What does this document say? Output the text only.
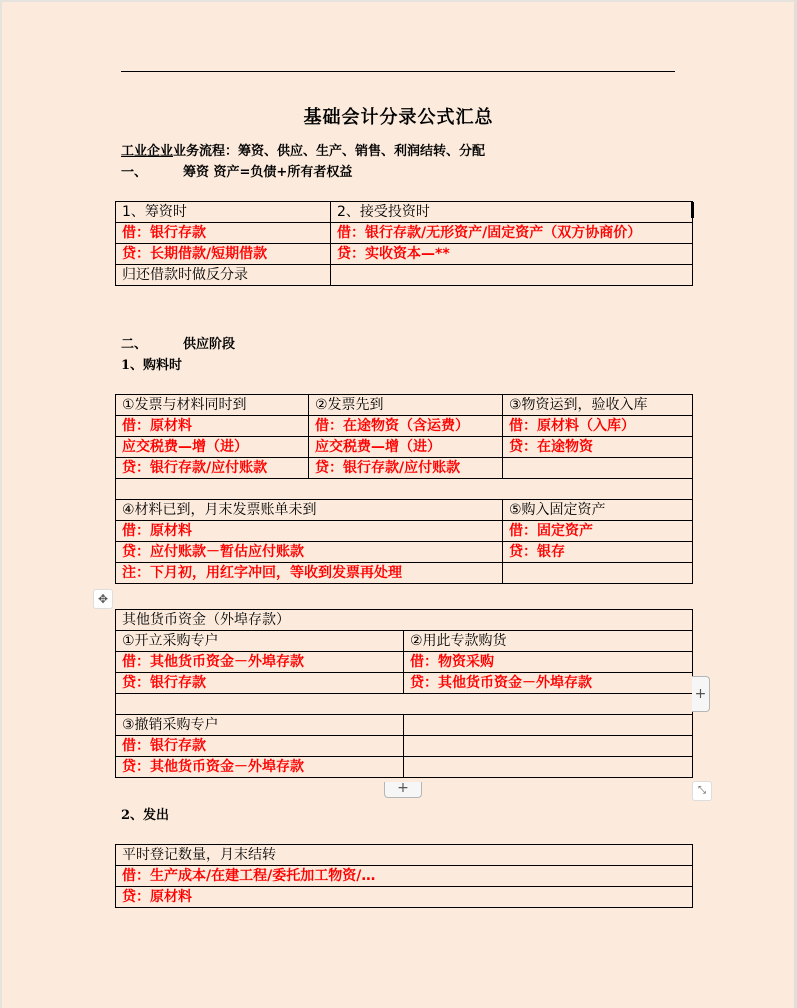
基础会计分录公式汇总
工业企业业务流程：筹资、供应、生产、销售、利润结转、分配
一、	筹资 资产=负债+所有者权益
1、筹资时	2、接受投资时
借：银行存款	借：银行存款/无形资产/固定资产（双方协商价）
贷：长期借款/短期借款	贷：实收资本—**
归还借款时做反分录	
二、	供应阶段
1、购料时
①发票与材料同时到	②发票先到	③物资运到，验收入库
借：原材料	借：在途物资（含运费）	借：原材料（入库）
应交税费—增（进）	应交税费—增（进）	贷：在途物资
贷：银行存款/应付账款	贷：银行存款/应付账款	

④材料已到，月末发票账单未到		⑤购入固定资产
借：原材料		借：固定资产
贷：应付账款－暂估应付账款		贷：银存
注：下月初，用红字冲回，等收到发票再处理		
✥
其他货币资金（外埠存款）	
①开立采购专户	②用此专款购货
借：其他货币资金－外埠存款	借：物资采购
贷：银行存款	贷：其他货币资金－外埠存款

③撤销采购专户	
借：银行存款	
贷：其他货币资金－外埠存款	
+
+	⤡
2、发出
平时登记数量，月末结转
借：生产成本/在建工程/委托加工物资/…
贷：原材料
